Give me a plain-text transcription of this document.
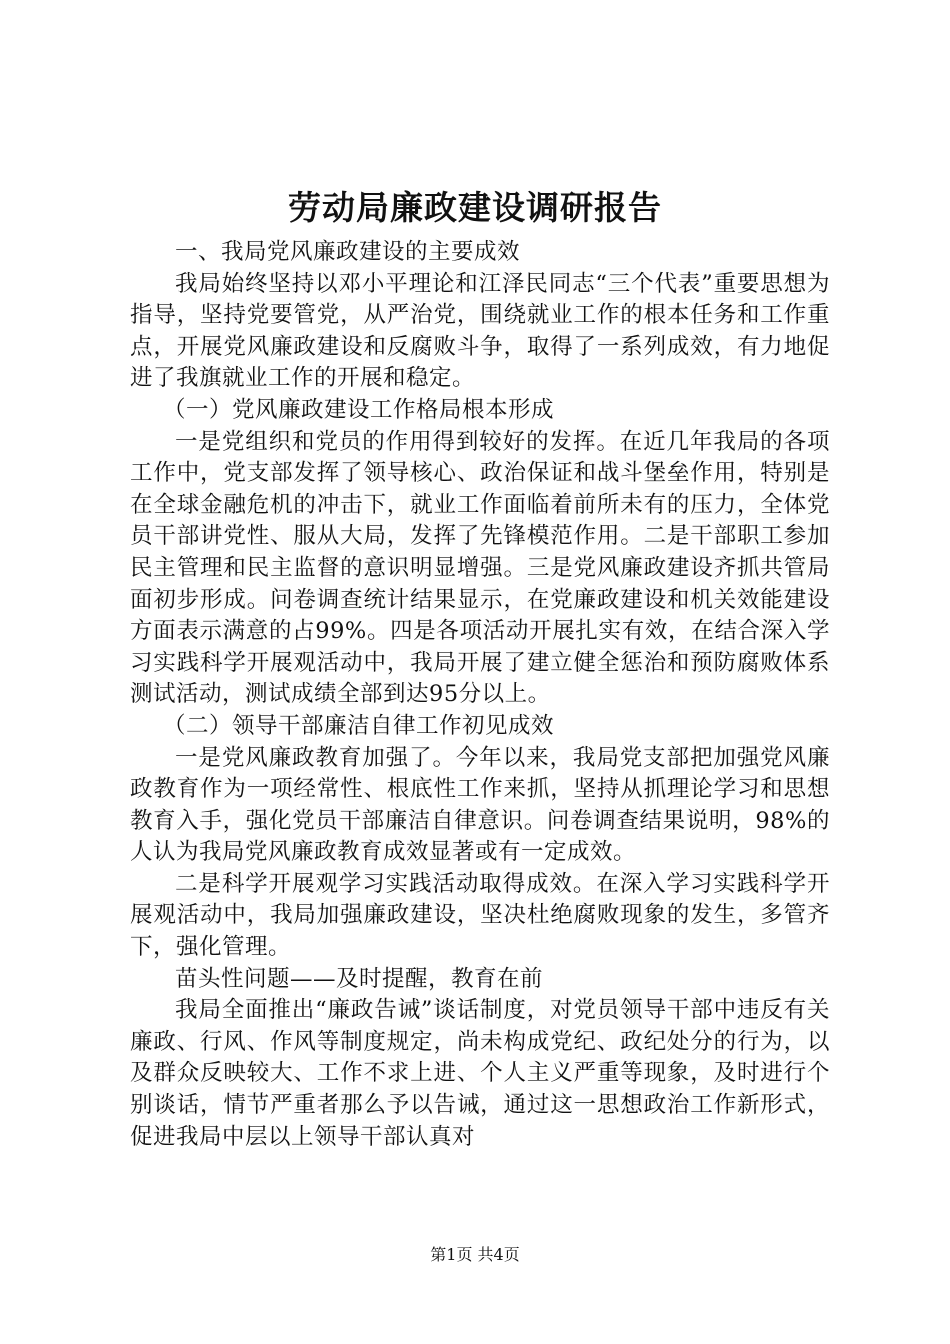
劳动局廉政建设调研报告

一、我局党风廉政建设的主要成效

我局始终坚持以邓小平理论和江泽民同志“三个代表”重要思想为指导，坚持党要管党，从严治党，围绕就业工作的根本任务和工作重点，开展党风廉政建设和反腐败斗争，取得了一系列成效，有力地促进了我旗就业工作的开展和稳定。

（一）党风廉政建设工作格局根本形成

一是党组织和党员的作用得到较好的发挥。在近几年我局的各项工作中，党支部发挥了领导核心、政治保证和战斗堡垒作用，特别是在全球金融危机的冲击下，就业工作面临着前所未有的压力，全体党员干部讲党性、服从大局，发挥了先锋模范作用。二是干部职工参加民主管理和民主监督的意识明显增强。三是党风廉政建设齐抓共管局面初步形成。问卷调查统计结果显示，在党廉政建设和机关效能建设方面表示满意的占99%。四是各项活动开展扎实有效，在结合深入学习实践科学开展观活动中，我局开展了建立健全惩治和预防腐败体系测试活动，测试成绩全部到达95分以上。

（二）领导干部廉洁自律工作初见成效

一是党风廉政教育加强了。今年以来，我局党支部把加强党风廉政教育作为一项经常性、根底性工作来抓，坚持从抓理论学习和思想教育入手，强化党员干部廉洁自律意识。问卷调查结果说明，98%的人认为我局党风廉政教育成效显著或有一定成效。

二是科学开展观学习实践活动取得成效。在深入学习实践科学开展观活动中，我局加强廉政建设，坚决杜绝腐败现象的发生，多管齐下，强化管理。

苗头性问题——及时提醒，教育在前

我局全面推出“廉政告诫”谈话制度，对党员领导干部中违反有关廉政、行风、作风等制度规定，尚未构成党纪、政纪处分的行为，以及群众反映较大、工作不求上进、个人主义严重等现象，及时进行个别谈话，情节严重者那么予以告诫，通过这一思想政治工作新形式，促进我局中层以上领导干部认真对

第1页 共4页
